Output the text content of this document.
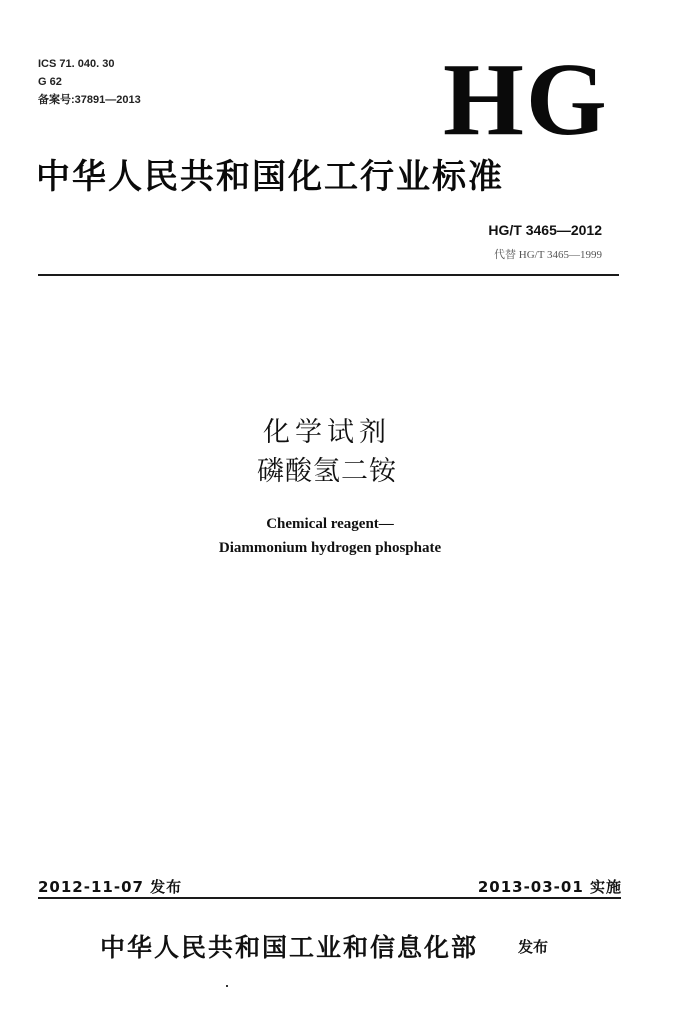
ICS 71. 040. 30
G 62
备案号:37891—2013	HG
中华人民共和国化工行业标准
HG/T 3465—2012
代替 HG/T 3465—1999
化学试剂
磷酸氢二铵
Chemical reagent—
Diammonium hydrogen phosphate
2012-11-07 发布	2013-03-01 实施
中华人民共和国工业和信息化部	发布
